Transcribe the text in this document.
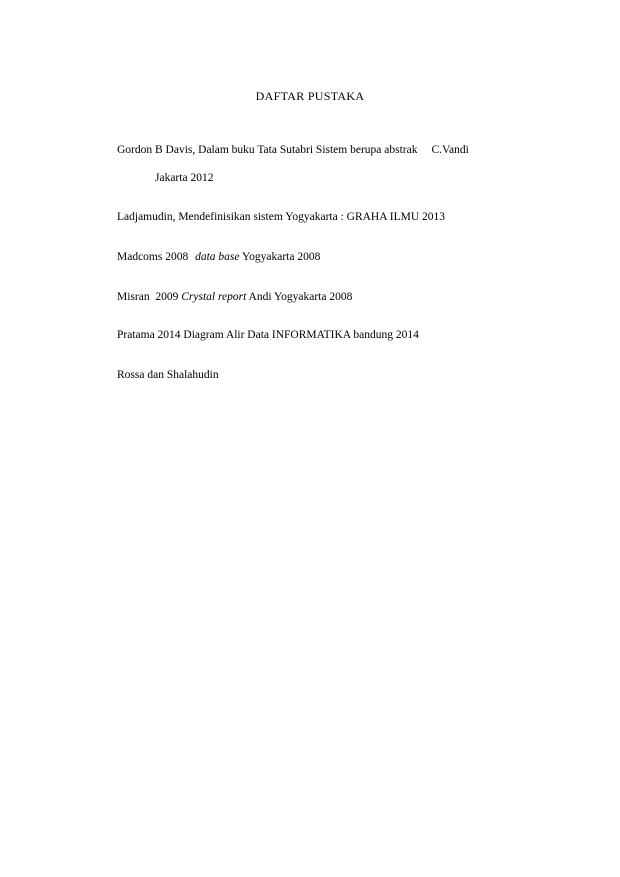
DAFTAR PUSTAKA
Gordon B Davis, Dalam buku Tata Sutabri Sistem berupa abstrak C.Vandi
Jakarta 2012
Ladjamudin, Mendefinisikan sistem Yogyakarta : GRAHA ILMU 2013
Madcoms 2008 data base Yogyakarta 2008
Misran  2009 Crystal report Andi Yogyakarta 2008
Pratama 2014 Diagram Alir Data INFORMATIKA bandung 2014
Rossa dan Shalahudin
